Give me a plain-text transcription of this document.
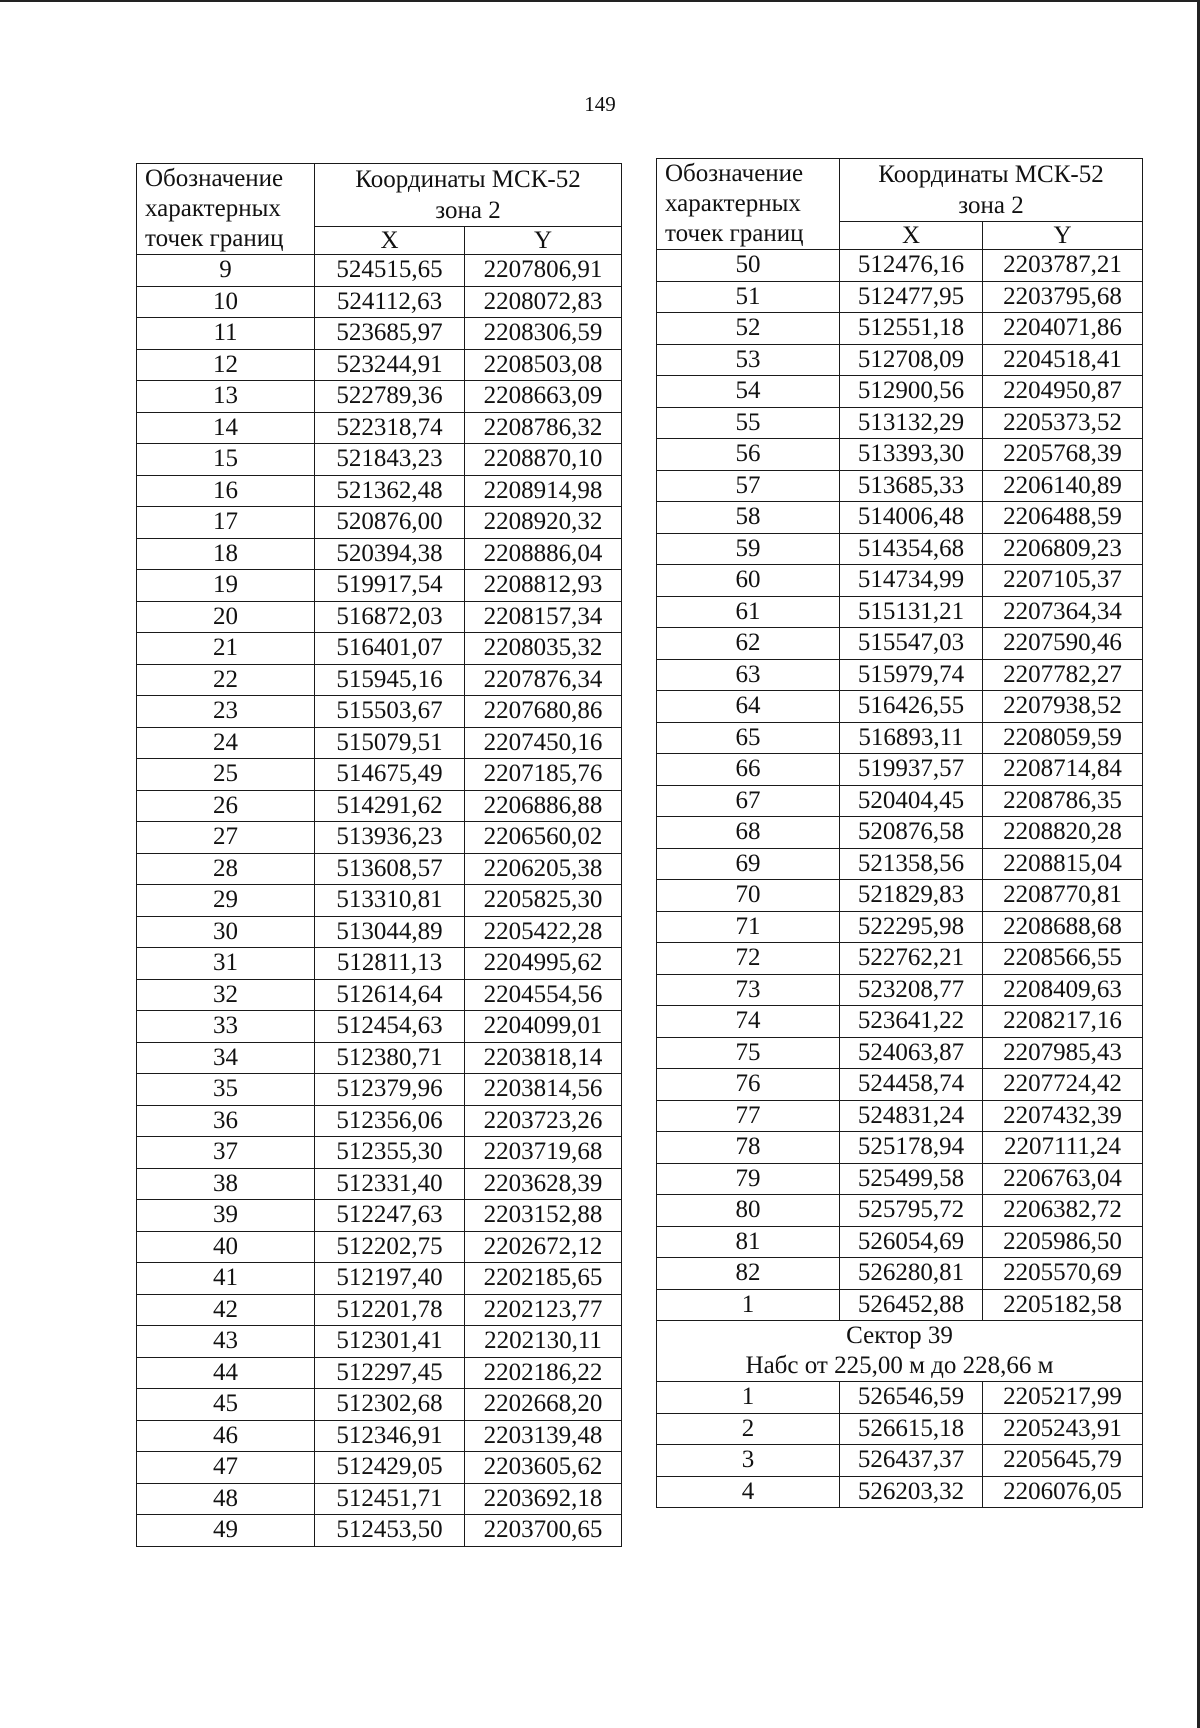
149
Обозначение характерных точек границ	Координаты МСК-52
зона 2	
	X	Y
9	524515,65	2207806,91
10	524112,63	2208072,83
11	523685,97	2208306,59
12	523244,91	2208503,08
13	522789,36	2208663,09
14	522318,74	2208786,32
15	521843,23	2208870,10
16	521362,48	2208914,98
17	520876,00	2208920,32
18	520394,38	2208886,04
19	519917,54	2208812,93
20	516872,03	2208157,34
21	516401,07	2208035,32
22	515945,16	2207876,34
23	515503,67	2207680,86
24	515079,51	2207450,16
25	514675,49	2207185,76
26	514291,62	2206886,88
27	513936,23	2206560,02
28	513608,57	2206205,38
29	513310,81	2205825,30
30	513044,89	2205422,28
31	512811,13	2204995,62
32	512614,64	2204554,56
33	512454,63	2204099,01
34	512380,71	2203818,14
35	512379,96	2203814,56
36	512356,06	2203723,26
37	512355,30	2203719,68
38	512331,40	2203628,39
39	512247,63	2203152,88
40	512202,75	2202672,12
41	512197,40	2202185,65
42	512201,78	2202123,77
43	512301,41	2202130,11
44	512297,45	2202186,22
45	512302,68	2202668,20
46	512346,91	2203139,48
47	512429,05	2203605,62
48	512451,71	2203692,18
49	512453,50	2203700,65
Обозначение характерных точек границ	Координаты МСК-52
зона 2	
	X	Y
50	512476,16	2203787,21
51	512477,95	2203795,68
52	512551,18	2204071,86
53	512708,09	2204518,41
54	512900,56	2204950,87
55	513132,29	2205373,52
56	513393,30	2205768,39
57	513685,33	2206140,89
58	514006,48	2206488,59
59	514354,68	2206809,23
60	514734,99	2207105,37
61	515131,21	2207364,34
62	515547,03	2207590,46
63	515979,74	2207782,27
64	516426,55	2207938,52
65	516893,11	2208059,59
66	519937,57	2208714,84
67	520404,45	2208786,35
68	520876,58	2208820,28
69	521358,56	2208815,04
70	521829,83	2208770,81
71	522295,98	2208688,68
72	522762,21	2208566,55
73	523208,77	2208409,63
74	523641,22	2208217,16
75	524063,87	2207985,43
76	524458,74	2207724,42
77	524831,24	2207432,39
78	525178,94	2207111,24
79	525499,58	2206763,04
80	525795,72	2206382,72
81	526054,69	2205986,50
82	526280,81	2205570,69
1	526452,88	2205182,58

Сектор 39
Набс от 225,00 м до 228,66 м		

1	526546,59	2205217,99
2	526615,18	2205243,91
3	526437,37	2205645,79
4	526203,32	2206076,05
